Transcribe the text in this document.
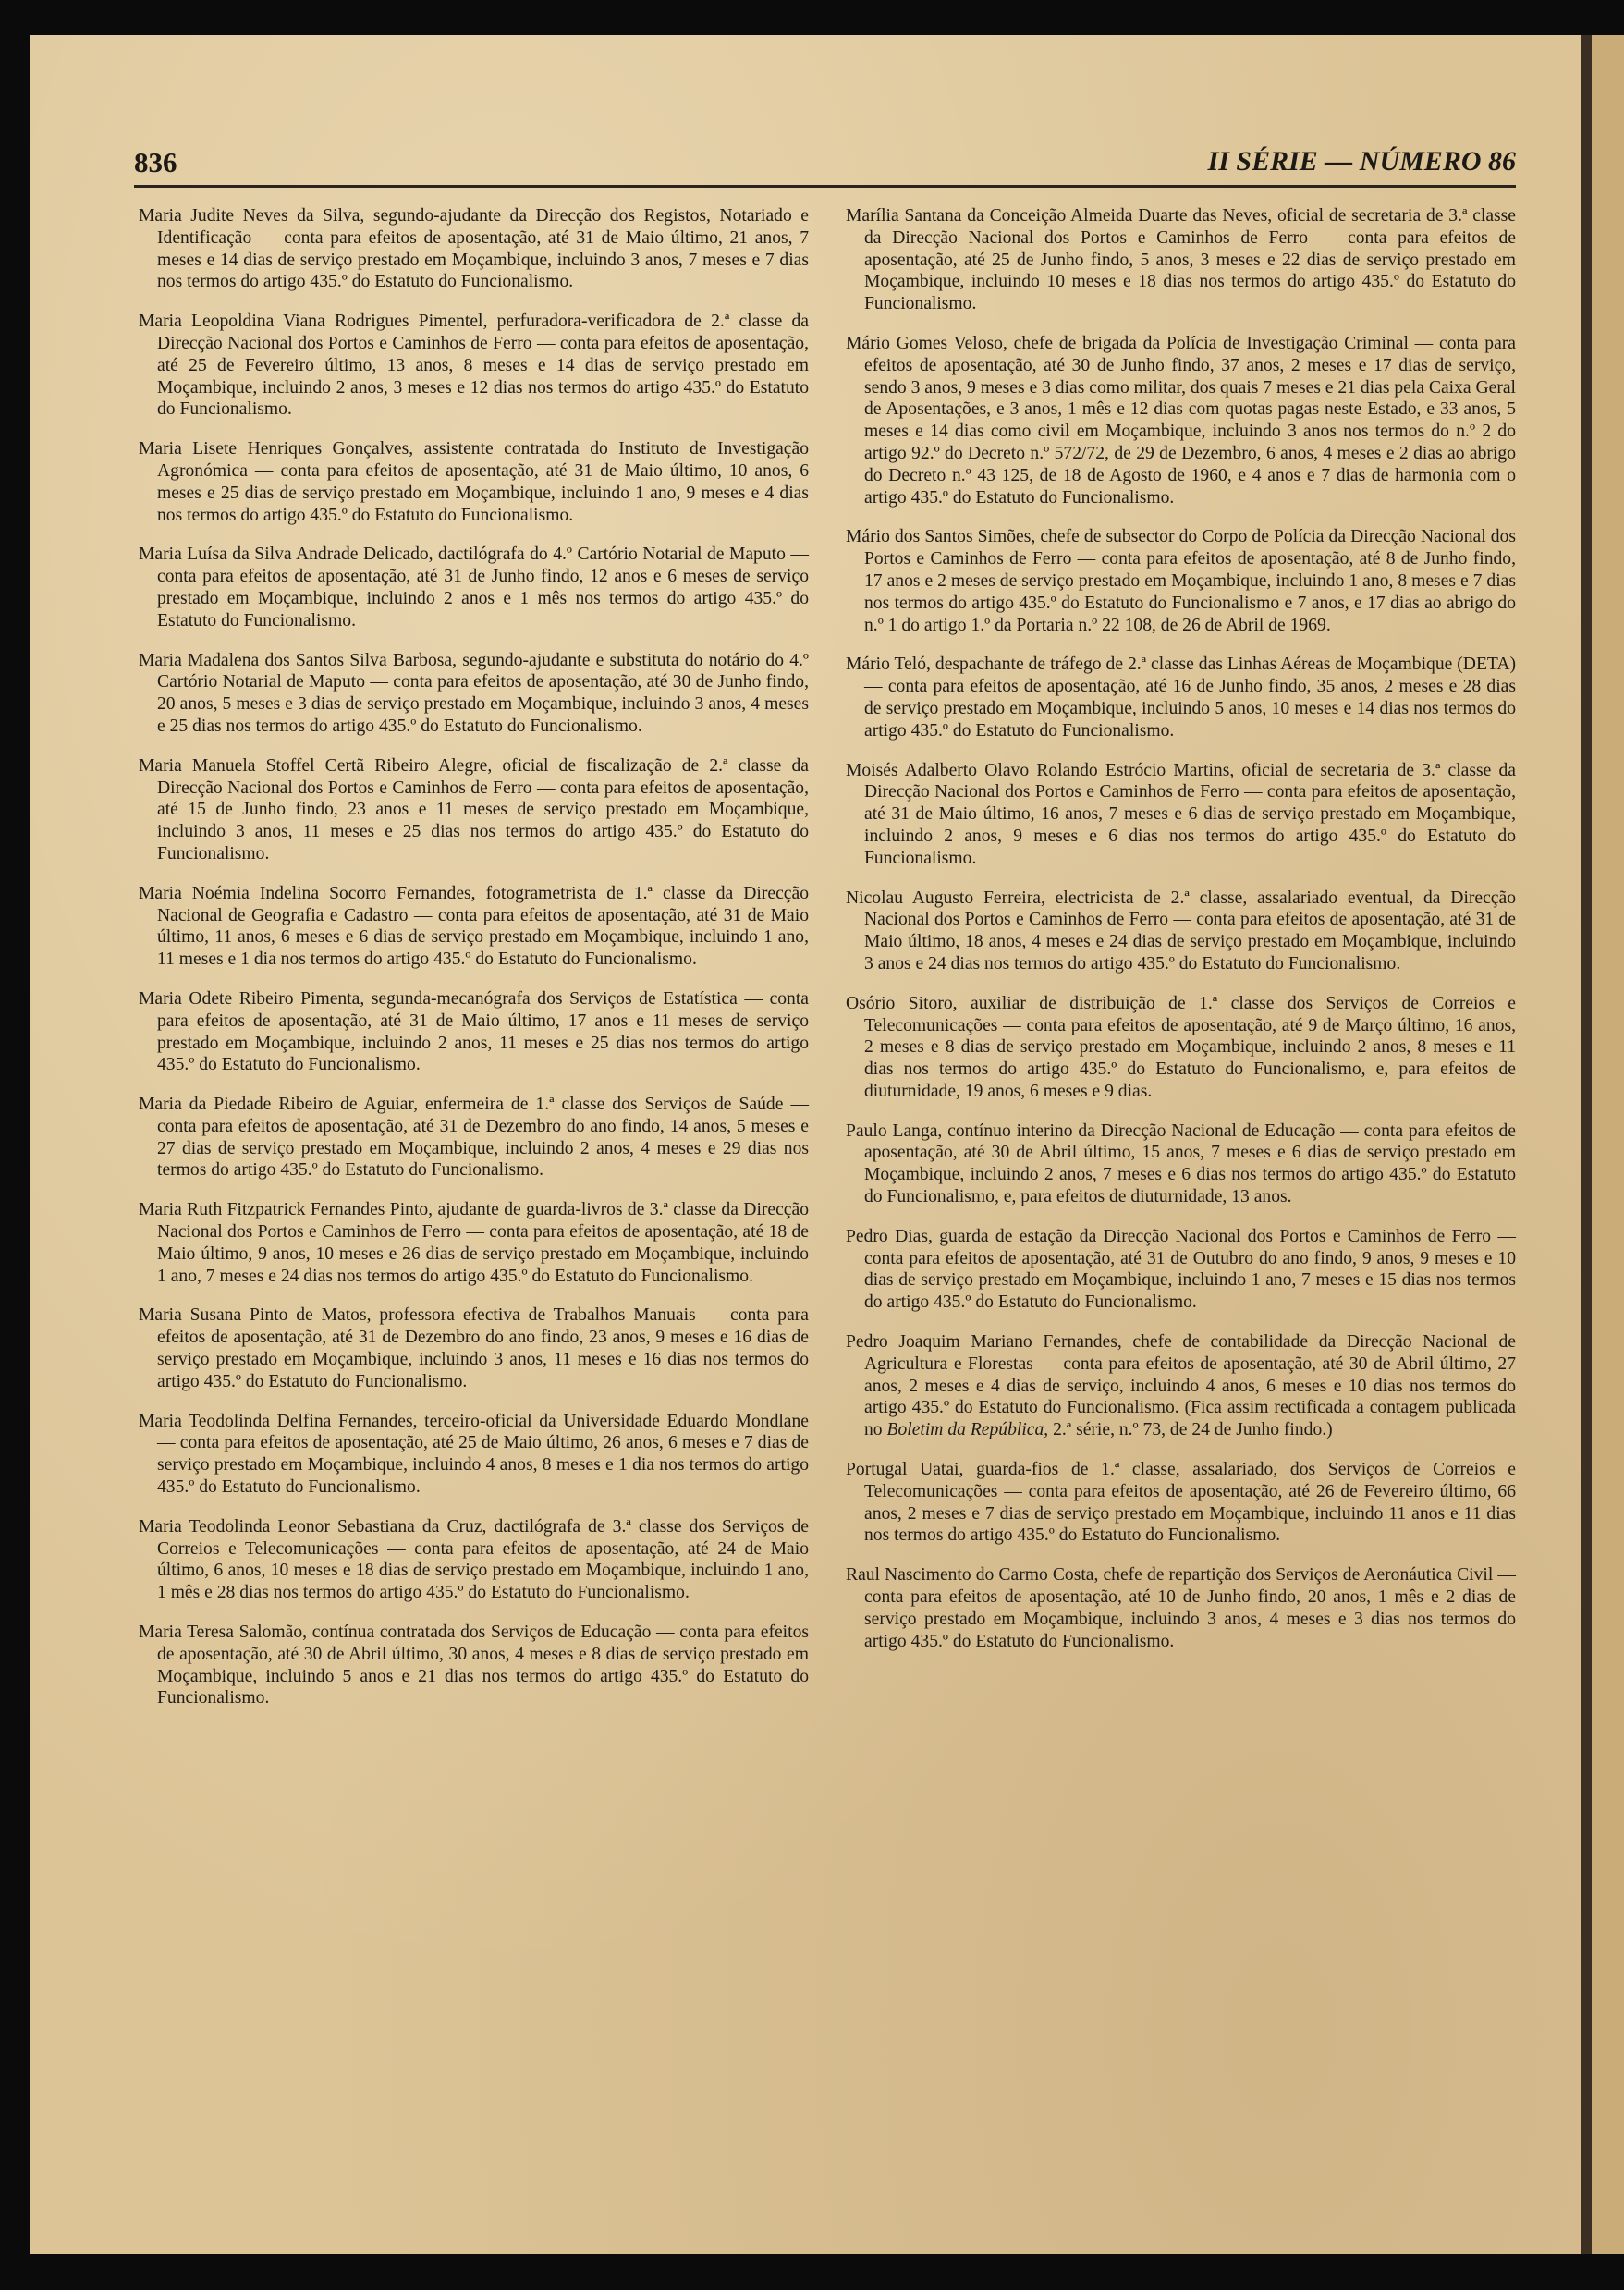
836	II SÉRIE — NÚMERO 86

Maria Judite Neves da Silva, segundo-ajudante da Direcção dos Registos, Notariado e Identificação — conta para efeitos de aposentação, até 31 de Maio último, 21 anos, 7 meses e 14 dias de serviço prestado em Moçambique, incluindo 3 anos, 7 meses e 7 dias nos termos do artigo 435.º do Estatuto do Funcionalismo.

Maria Leopoldina Viana Rodrigues Pimentel, perfuradora-verificadora de 2.ª classe da Direcção Nacional dos Portos e Caminhos de Ferro — conta para efeitos de aposentação, até 25 de Fevereiro último, 13 anos, 8 meses e 14 dias de serviço prestado em Moçambique, incluindo 2 anos, 3 meses e 12 dias nos termos do artigo 435.º do Estatuto do Funcionalismo.

Maria Lisete Henriques Gonçalves, assistente contratada do Instituto de Investigação Agronómica — conta para efeitos de aposentação, até 31 de Maio último, 10 anos, 6 meses e 25 dias de serviço prestado em Moçambique, incluindo 1 ano, 9 meses e 4 dias nos termos do artigo 435.º do Estatuto do Funcionalismo.

Maria Luísa da Silva Andrade Delicado, dactilógrafa do 4.º Cartório Notarial de Maputo — conta para efeitos de aposentação, até 31 de Junho findo, 12 anos e 6 meses de serviço prestado em Moçambique, incluindo 2 anos e 1 mês nos termos do artigo 435.º do Estatuto do Funcionalismo.

Maria Madalena dos Santos Silva Barbosa, segundo-ajudante e substituta do notário do 4.º Cartório Notarial de Maputo — conta para efeitos de aposentação, até 30 de Junho findo, 20 anos, 5 meses e 3 dias de serviço prestado em Moçambique, incluindo 3 anos, 4 meses e 25 dias nos termos do artigo 435.º do Estatuto do Funcionalismo.

Maria Manuela Stoffel Certã Ribeiro Alegre, oficial de fiscalização de 2.ª classe da Direcção Nacional dos Portos e Caminhos de Ferro — conta para efeitos de aposentação, até 15 de Junho findo, 23 anos e 11 meses de serviço prestado em Moçambique, incluindo 3 anos, 11 meses e 25 dias nos termos do artigo 435.º do Estatuto do Funcionalismo.

Maria Noémia Indelina Socorro Fernandes, fotogrametrista de 1.ª classe da Direcção Nacional de Geografia e Cadastro — conta para efeitos de aposentação, até 31 de Maio último, 11 anos, 6 meses e 6 dias de serviço prestado em Moçambique, incluindo 1 ano, 11 meses e 1 dia nos termos do artigo 435.º do Estatuto do Funcionalismo.

Maria Odete Ribeiro Pimenta, segunda-mecanógrafa dos Serviços de Estatística — conta para efeitos de aposentação, até 31 de Maio último, 17 anos e 11 meses de serviço prestado em Moçambique, incluindo 2 anos, 11 meses e 25 dias nos termos do artigo 435.º do Estatuto do Funcionalismo.

Maria da Piedade Ribeiro de Aguiar, enfermeira de 1.ª classe dos Serviços de Saúde — conta para efeitos de aposentação, até 31 de Dezembro do ano findo, 14 anos, 5 meses e 27 dias de serviço prestado em Moçambique, incluindo 2 anos, 4 meses e 29 dias nos termos do artigo 435.º do Estatuto do Funcionalismo.

Maria Ruth Fitzpatrick Fernandes Pinto, ajudante de guarda-livros de 3.ª classe da Direcção Nacional dos Portos e Caminhos de Ferro — conta para efeitos de aposentação, até 18 de Maio último, 9 anos, 10 meses e 26 dias de serviço prestado em Moçambique, incluindo 1 ano, 7 meses e 24 dias nos termos do artigo 435.º do Estatuto do Funcionalismo.

Maria Susana Pinto de Matos, professora efectiva de Trabalhos Manuais — conta para efeitos de aposentação, até 31 de Dezembro do ano findo, 23 anos, 9 meses e 16 dias de serviço prestado em Moçambique, incluindo 3 anos, 11 meses e 16 dias nos termos do artigo 435.º do Estatuto do Funcionalismo.

Maria Teodolinda Delfina Fernandes, terceiro-oficial da Universidade Eduardo Mondlane — conta para efeitos de aposentação, até 25 de Maio último, 26 anos, 6 meses e 7 dias de serviço prestado em Moçambique, incluindo 4 anos, 8 meses e 1 dia nos termos do artigo 435.º do Estatuto do Funcionalismo.

Maria Teodolinda Leonor Sebastiana da Cruz, dactilógrafa de 3.ª classe dos Serviços de Correios e Telecomunicações — conta para efeitos de aposentação, até 24 de Maio último, 6 anos, 10 meses e 18 dias de serviço prestado em Moçambique, incluindo 1 ano, 1 mês e 28 dias nos termos do artigo 435.º do Estatuto do Funcionalismo.

Maria Teresa Salomão, contínua contratada dos Serviços de Educação — conta para efeitos de aposentação, até 30 de Abril último, 30 anos, 4 meses e 8 dias de serviço prestado em Moçambique, incluindo 5 anos e 21 dias nos termos do artigo 435.º do Estatuto do Funcionalismo.

Marília Santana da Conceição Almeida Duarte das Neves, oficial de secretaria de 3.ª classe da Direcção Nacional dos Portos e Caminhos de Ferro — conta para efeitos de aposentação, até 25 de Junho findo, 5 anos, 3 meses e 22 dias de serviço prestado em Moçambique, incluindo 10 meses e 18 dias nos termos do artigo 435.º do Estatuto do Funcionalismo.

Mário Gomes Veloso, chefe de brigada da Polícia de Investigação Criminal — conta para efeitos de aposentação, até 30 de Junho findo, 37 anos, 2 meses e 17 dias de serviço, sendo 3 anos, 9 meses e 3 dias como militar, dos quais 7 meses e 21 dias pela Caixa Geral de Aposentações, e 3 anos, 1 mês e 12 dias com quotas pagas neste Estado, e 33 anos, 5 meses e 14 dias como civil em Moçambique, incluindo 3 anos nos termos do n.º 2 do artigo 92.º do Decreto n.º 572/72, de 29 de Dezembro, 6 anos, 4 meses e 2 dias ao abrigo do Decreto n.º 43 125, de 18 de Agosto de 1960, e 4 anos e 7 dias de harmonia com o artigo 435.º do Estatuto do Funcionalismo.

Mário dos Santos Simões, chefe de subsector do Corpo de Polícia da Direcção Nacional dos Portos e Caminhos de Ferro — conta para efeitos de aposentação, até 8 de Junho findo, 17 anos e 2 meses de serviço prestado em Moçambique, incluindo 1 ano, 8 meses e 7 dias nos termos do artigo 435.º do Estatuto do Funcionalismo e 7 anos, e 17 dias ao abrigo do n.º 1 do artigo 1.º da Portaria n.º 22 108, de 26 de Abril de 1969.

Mário Teló, despachante de tráfego de 2.ª classe das Linhas Aéreas de Moçambique (DETA) — conta para efeitos de aposentação, até 16 de Junho findo, 35 anos, 2 meses e 28 dias de serviço prestado em Moçambique, incluindo 5 anos, 10 meses e 14 dias nos termos do artigo 435.º do Estatuto do Funcionalismo.

Moisés Adalberto Olavo Rolando Estrócio Martins, oficial de secretaria de 3.ª classe da Direcção Nacional dos Portos e Caminhos de Ferro — conta para efeitos de aposentação, até 31 de Maio último, 16 anos, 7 meses e 6 dias de serviço prestado em Moçambique, incluindo 2 anos, 9 meses e 6 dias nos termos do artigo 435.º do Estatuto do Funcionalismo.

Nicolau Augusto Ferreira, electricista de 2.ª classe, assalariado eventual, da Direcção Nacional dos Portos e Caminhos de Ferro — conta para efeitos de aposentação, até 31 de Maio último, 18 anos, 4 meses e 24 dias de serviço prestado em Moçambique, incluindo 3 anos e 24 dias nos termos do artigo 435.º do Estatuto do Funcionalismo.

Osório Sitoro, auxiliar de distribuição de 1.ª classe dos Serviços de Correios e Telecomunicações — conta para efeitos de aposentação, até 9 de Março último, 16 anos, 2 meses e 8 dias de serviço prestado em Moçambique, incluindo 2 anos, 8 meses e 11 dias nos termos do artigo 435.º do Estatuto do Funcionalismo, e, para efeitos de diuturnidade, 19 anos, 6 meses e 9 dias.

Paulo Langa, contínuo interino da Direcção Nacional de Educação — conta para efeitos de aposentação, até 30 de Abril último, 15 anos, 7 meses e 6 dias de serviço prestado em Moçambique, incluindo 2 anos, 7 meses e 6 dias nos termos do artigo 435.º do Estatuto do Funcionalismo, e, para efeitos de diuturnidade, 13 anos.

Pedro Dias, guarda de estação da Direcção Nacional dos Portos e Caminhos de Ferro — conta para efeitos de aposentação, até 31 de Outubro do ano findo, 9 anos, 9 meses e 10 dias de serviço prestado em Moçambique, incluindo 1 ano, 7 meses e 15 dias nos termos do artigo 435.º do Estatuto do Funcionalismo.

Pedro Joaquim Mariano Fernandes, chefe de contabilidade da Direcção Nacional de Agricultura e Florestas — conta para efeitos de aposentação, até 30 de Abril último, 27 anos, 2 meses e 4 dias de serviço, incluindo 4 anos, 6 meses e 10 dias nos termos do artigo 435.º do Estatuto do Funcionalismo. (Fica assim rectificada a contagem publicada no Boletim da República, 2.ª série, n.º 73, de 24 de Junho findo.)

Portugal Uatai, guarda-fios de 1.ª classe, assalariado, dos Serviços de Correios e Telecomunicações — conta para efeitos de aposentação, até 26 de Fevereiro último, 66 anos, 2 meses e 7 dias de serviço prestado em Moçambique, incluindo 11 anos e 11 dias nos termos do artigo 435.º do Estatuto do Funcionalismo.

Raul Nascimento do Carmo Costa, chefe de repartição dos Serviços de Aeronáutica Civil — conta para efeitos de aposentação, até 10 de Junho findo, 20 anos, 1 mês e 2 dias de serviço prestado em Moçambique, incluindo 3 anos, 4 meses e 3 dias nos termos do artigo 435.º do Estatuto do Funcionalismo.
